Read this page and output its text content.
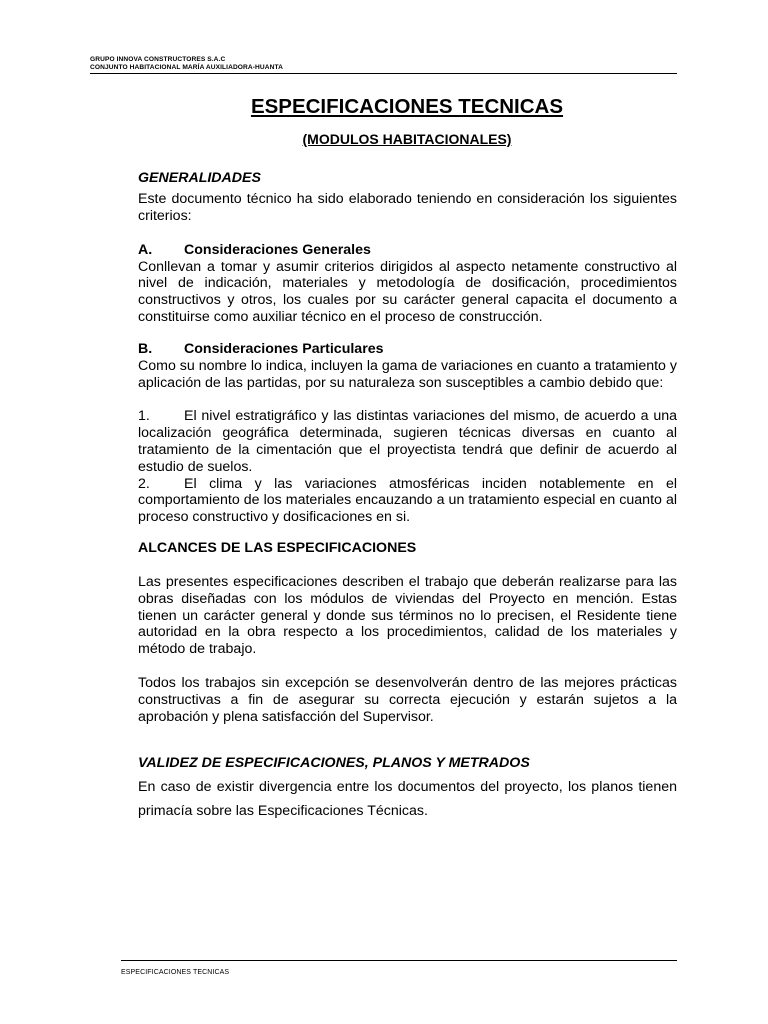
GRUPO INNOVA CONSTRUCTORES S.A.C
CONJUNTO HABITACIONAL MARÍA AUXILIADORA-HUANTA
ESPECIFICACIONES TECNICAS
(MODULOS HABITACIONALES)

GENERALIDADES

Este documento técnico ha sido elaborado teniendo en consideración los siguientes criterios:

A.	Consideraciones Generales

Conllevan a tomar y asumir criterios dirigidos al aspecto netamente constructivo al nivel de indicación, materiales y metodología de dosificación, procedimientos constructivos y otros, los cuales por su carácter general capacita el documento a constituirse como auxiliar técnico en el proceso de construcción.

B.	Consideraciones Particulares

Como su nombre lo indica, incluyen la gama de variaciones en cuanto a tratamiento y aplicación de las partidas, por su naturaleza son susceptibles a cambio debido que:

1. El nivel estratigráfico y las distintas variaciones del mismo, de acuerdo a una localización geográfica determinada, sugieren técnicas diversas en cuanto al tratamiento de la cimentación que el proyectista tendrá que definir de acuerdo al estudio de suelos.

2. El clima y las variaciones atmosféricas inciden notablemente en el comportamiento de los materiales encauzando a un tratamiento especial en cuanto al proceso constructivo y dosificaciones en si.

ALCANCES DE LAS ESPECIFICACIONES

Las presentes especificaciones describen el trabajo que deberán realizarse para las obras diseñadas con los módulos de viviendas del Proyecto en mención. Estas tienen un carácter general y donde sus términos no lo precisen, el Residente tiene autoridad en la obra respecto a los procedimientos, calidad de los materiales y método de trabajo.

Todos los trabajos sin excepción se desenvolverán dentro de las mejores prácticas constructivas a fin de asegurar su correcta ejecución y estarán sujetos a la aprobación y plena satisfacción del Supervisor.

VALIDEZ DE ESPECIFICACIONES, PLANOS Y METRADOS

En caso de existir divergencia entre los documentos del proyecto, los planos tienen primacía sobre las Especificaciones Técnicas.

ESPECIFICACIONES TECNICAS
